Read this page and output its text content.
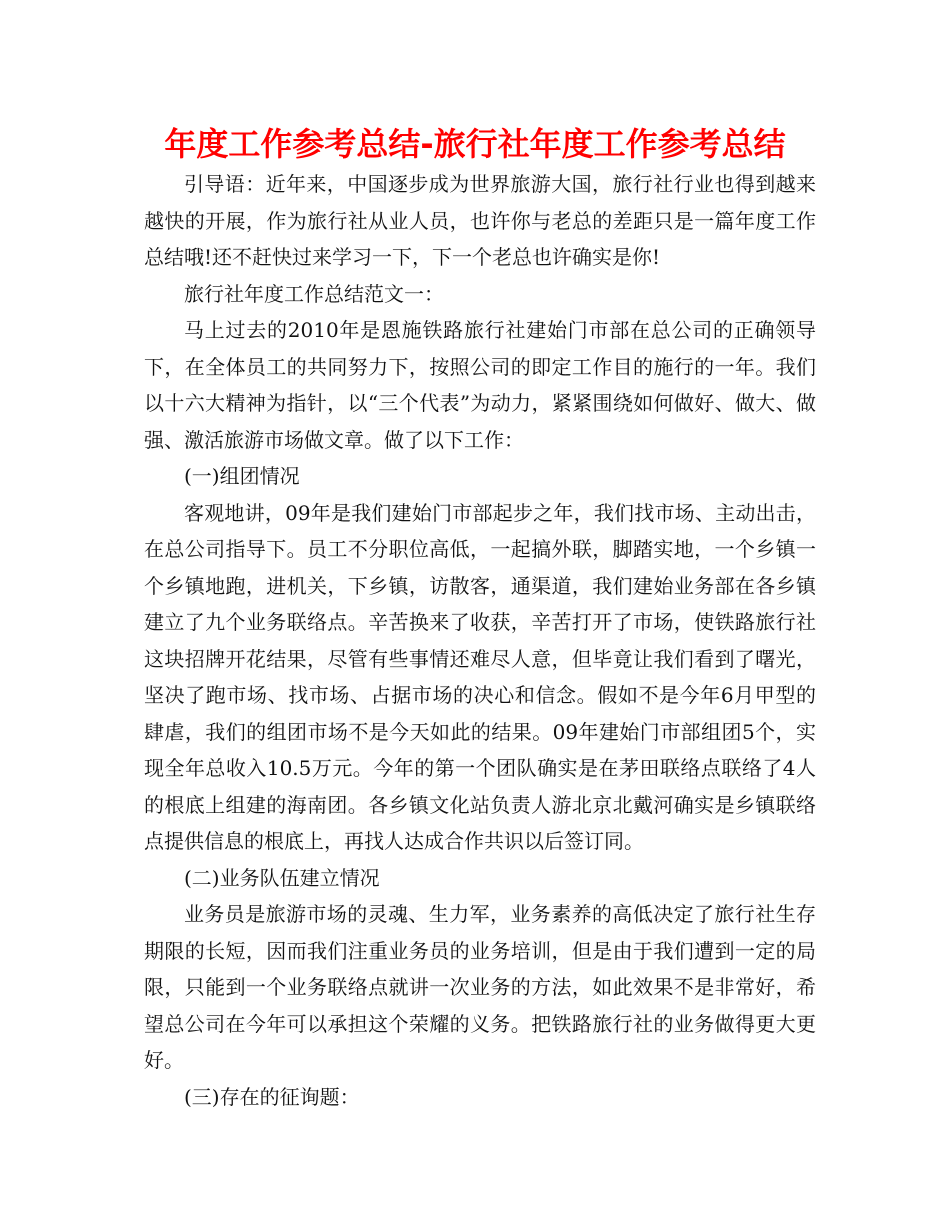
年度工作参考总结-旅行社年度工作参考总结

引导语：近年来，中国逐步成为世界旅游大国，旅行社行业也得到越来越快的开展，作为旅行社从业人员，也许你与老总的差距只是一篇年度工作总结哦!还不赶快过来学习一下，下一个老总也许确实是你!

旅行社年度工作总结范文一：

马上过去的2010年是恩施铁路旅行社建始门市部在总公司的正确领导下，在全体员工的共同努力下，按照公司的即定工作目的施行的一年。我们以十六大精神为指针，以“三个代表”为动力，紧紧围绕如何做好、做大、做强、激活旅游市场做文章。做了以下工作：

(一)组团情况

客观地讲，09年是我们建始门市部起步之年，我们找市场、主动出击，在总公司指导下。员工不分职位高低，一起搞外联，脚踏实地，一个乡镇一个乡镇地跑，进机关，下乡镇，访散客，通渠道，我们建始业务部在各乡镇建立了九个业务联络点。辛苦换来了收获，辛苦打开了市场，使铁路旅行社这块招牌开花结果，尽管有些事情还难尽人意，但毕竟让我们看到了曙光，坚决了跑市场、找市场、占据市场的决心和信念。假如不是今年6月甲型的肆虐，我们的组团市场不是今天如此的结果。09年建始门市部组团5个，实现全年总收入10.5万元。今年的第一个团队确实是在茅田联络点联络了4人的根底上组建的海南团。各乡镇文化站负责人游北京北戴河确实是乡镇联络点提供信息的根底上，再找人达成合作共识以后签订同。

(二)业务队伍建立情况

业务员是旅游市场的灵魂、生力军，业务素养的高低决定了旅行社生存期限的长短，因而我们注重业务员的业务培训，但是由于我们遭到一定的局限，只能到一个业务联络点就讲一次业务的方法，如此效果不是非常好，希望总公司在今年可以承担这个荣耀的义务。把铁路旅行社的业务做得更大更好。

(三)存在的征询题：
